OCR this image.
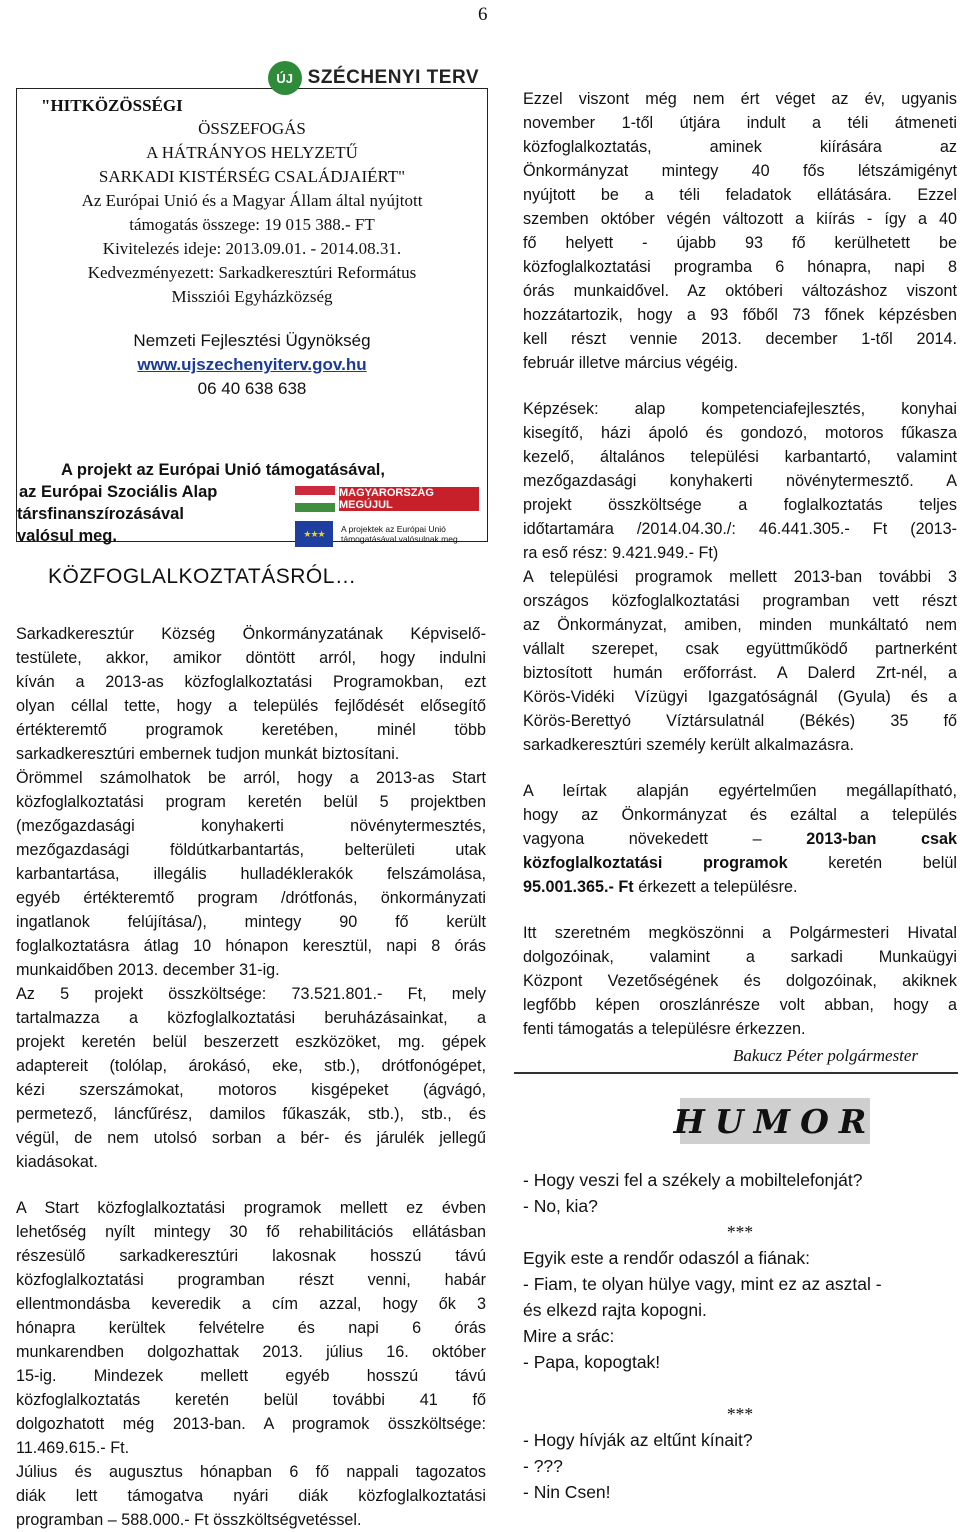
6
ÚJ SZÉCHENYI TERV
"HITKÖZÖSSÉGI
ÖSSZEFOGÁS
A HÁTRÁNYOS HELYZETŰ
SARKADI KISTÉRSÉG CSALÁDJAIÉRT"
Az Európai Unió és a Magyar Állam által nyújtott
támogatás összege: 19 015 388.- FT
Kivitelezés ideje: 2013.09.01. - 2014.08.31.
Kedvezményezett: Sarkadkeresztúri Református
Missziói Egyházközség
Nemzeti Fejlesztési Ügynökség
www.ujszechenyiterv.gov.hu
06 40 638 638
A projekt az Európai Unió támogatásával,
az Európai Szociális Alap
társfinanszírozásával
valósul meg.
MAGYARORSZÁG MEGÚJUL
★★★	A projektek az Európai Unió
támogatásával valósulnak meg.
KÖZFOGLALKOZTATÁSRÓL…
Sarkadkeresztúr Község Önkormányzatának Képviselő-
testülete, akkor, amikor döntött arról, hogy indulni
kíván a 2013-as közfoglalkoztatási Programokban, ezt
olyan céllal tette, hogy a település fejlődését elősegítő
értékteremtő programok keretében, minél több
sarkadkeresztúri embernek tudjon munkát biztosítani.
Örömmel számolhatok be arról, hogy a 2013-as Start
közfoglalkoztatási program keretén belül 5 projektben
(mezőgazdasági konyhakerti növénytermesztés,
mezőgazdasági földútkarbantartás, belterületi utak
karbantartása, illegális hulladéklerakók felszámolása,
egyéb értékteremtő program /drótfonás, önkormányzati
ingatlanok felújítása/), mintegy 90 fő került
foglalkoztatásra átlag 10 hónapon keresztül, napi 8 órás
munkaidőben 2013. december 31-ig.
Az 5 projekt összköltsége: 73.521.801.- Ft, mely
tartalmazza a közfoglalkoztatási beruházásainkat, a
projekt keretén belül beszerzett eszközöket, mg. gépek
adaptereit (tolólap, árokásó, eke, stb.), drótfonógépet,
kézi szerszámokat, motoros kisgépeket (ágvágó,
permetező, láncfűrész, damilos fűkaszák, stb.), stb., és
végül, de nem utolsó sorban a bér- és járulék jellegű
kiadásokat.
A Start közfoglalkoztatási programok mellett ez évben
lehetőség nyílt mintegy 30 fő rehabilitációs ellátásban
részesülő sarkadkeresztúri lakosnak hosszú távú
közfoglalkoztatási programban részt venni, habár
ellentmondásba keveredik a cím azzal, hogy ők 3
hónapra kerültek felvételre és napi 6 órás
munkarendben dolgozhattak 2013. július 16. október
15-ig. Mindezek mellett egyéb hosszú távú
közfoglalkoztatás keretén belül további 41 fő
dolgozhatott még 2013-ban. A programok összköltsége:
11.469.615.- Ft.
Július és augusztus hónapban 6 fő nappali tagozatos
diák lett támogatva nyári diák közfoglalkoztatási
programban – 588.000.- Ft összköltségvetéssel.
Ezzel viszont még nem ért véget az év, ugyanis
november 1-től útjára indult a téli átmeneti
közfoglalkoztatás, aminek kiírására az
Önkormányzat mintegy 40 fős létszámigényt
nyújtott be a téli feladatok ellátására. Ezzel
szemben október végén változott a kiírás - így a 40
fő helyett - újabb 93 fő kerülhetett be
közfoglalkoztatási programba 6 hónapra, napi 8
órás munkaidővel. Az októberi változáshoz viszont
hozzátartozik, hogy a 93 főből 73 főnek képzésben
kell részt vennie 2013. december 1-től 2014.
február illetve március végéig.
Képzések: alap kompetenciafejlesztés, konyhai
kisegítő, házi ápoló és gondozó, motoros fűkasza
kezelő, általános települési karbantartó, valamint
mezőgazdasági konyhakerti növénytermesztő. A
projekt összköltsége a foglalkoztatás teljes
időtartamára /2014.04.30./: 46.441.305.- Ft (2013-
ra eső rész: 9.421.949.- Ft)
A települési programok mellett 2013-ban további 3
országos közfoglalkoztatási programban vett részt
az Önkormányzat, amiben, minden munkáltató nem
vállalt szerepet, csak együttműködő partnerként
biztosított humán erőforrást. A Dalerd Zrt-nél, a
Körös-Vidéki Vízügyi Igazgatóságnál (Gyula) és a
Körös-Berettyó Víztársulatnál (Békés) 35 fő
sarkadkeresztúri személy került alkalmazásra.
A leírtak alapján egyértelműen megállapítható,
hogy az Önkormányzat és ezáltal a település
vagyona növekedett –	2013-ban csak
közfoglalkoztatási programok	keretén belül
95.001.365.- Ft érkezett a településre.
Itt szeretném megköszönni a Polgármesteri Hivatal
dolgozóinak, valamint a sarkadi Munkaügyi
Központ Vezetőségének és dolgozóinak, akiknek
legfőbb képen oroszlánrésze volt abban, hogy a
fenti támogatás a településre érkezzen.
Bakucz Péter polgármester
HUMOR
- Hogy veszi fel a székely a mobiltelefonját?
- No, kia?
***
Egyik este a rendőr odaszól a fiának:
- Fiam, te olyan hülye vagy, mint ez az asztal -
és elkezd rajta kopogni.
Mire a srác:
- Papa, kopogtak!
***
- Hogy hívják az eltűnt kínait?
- ???
- Nin Csen!
